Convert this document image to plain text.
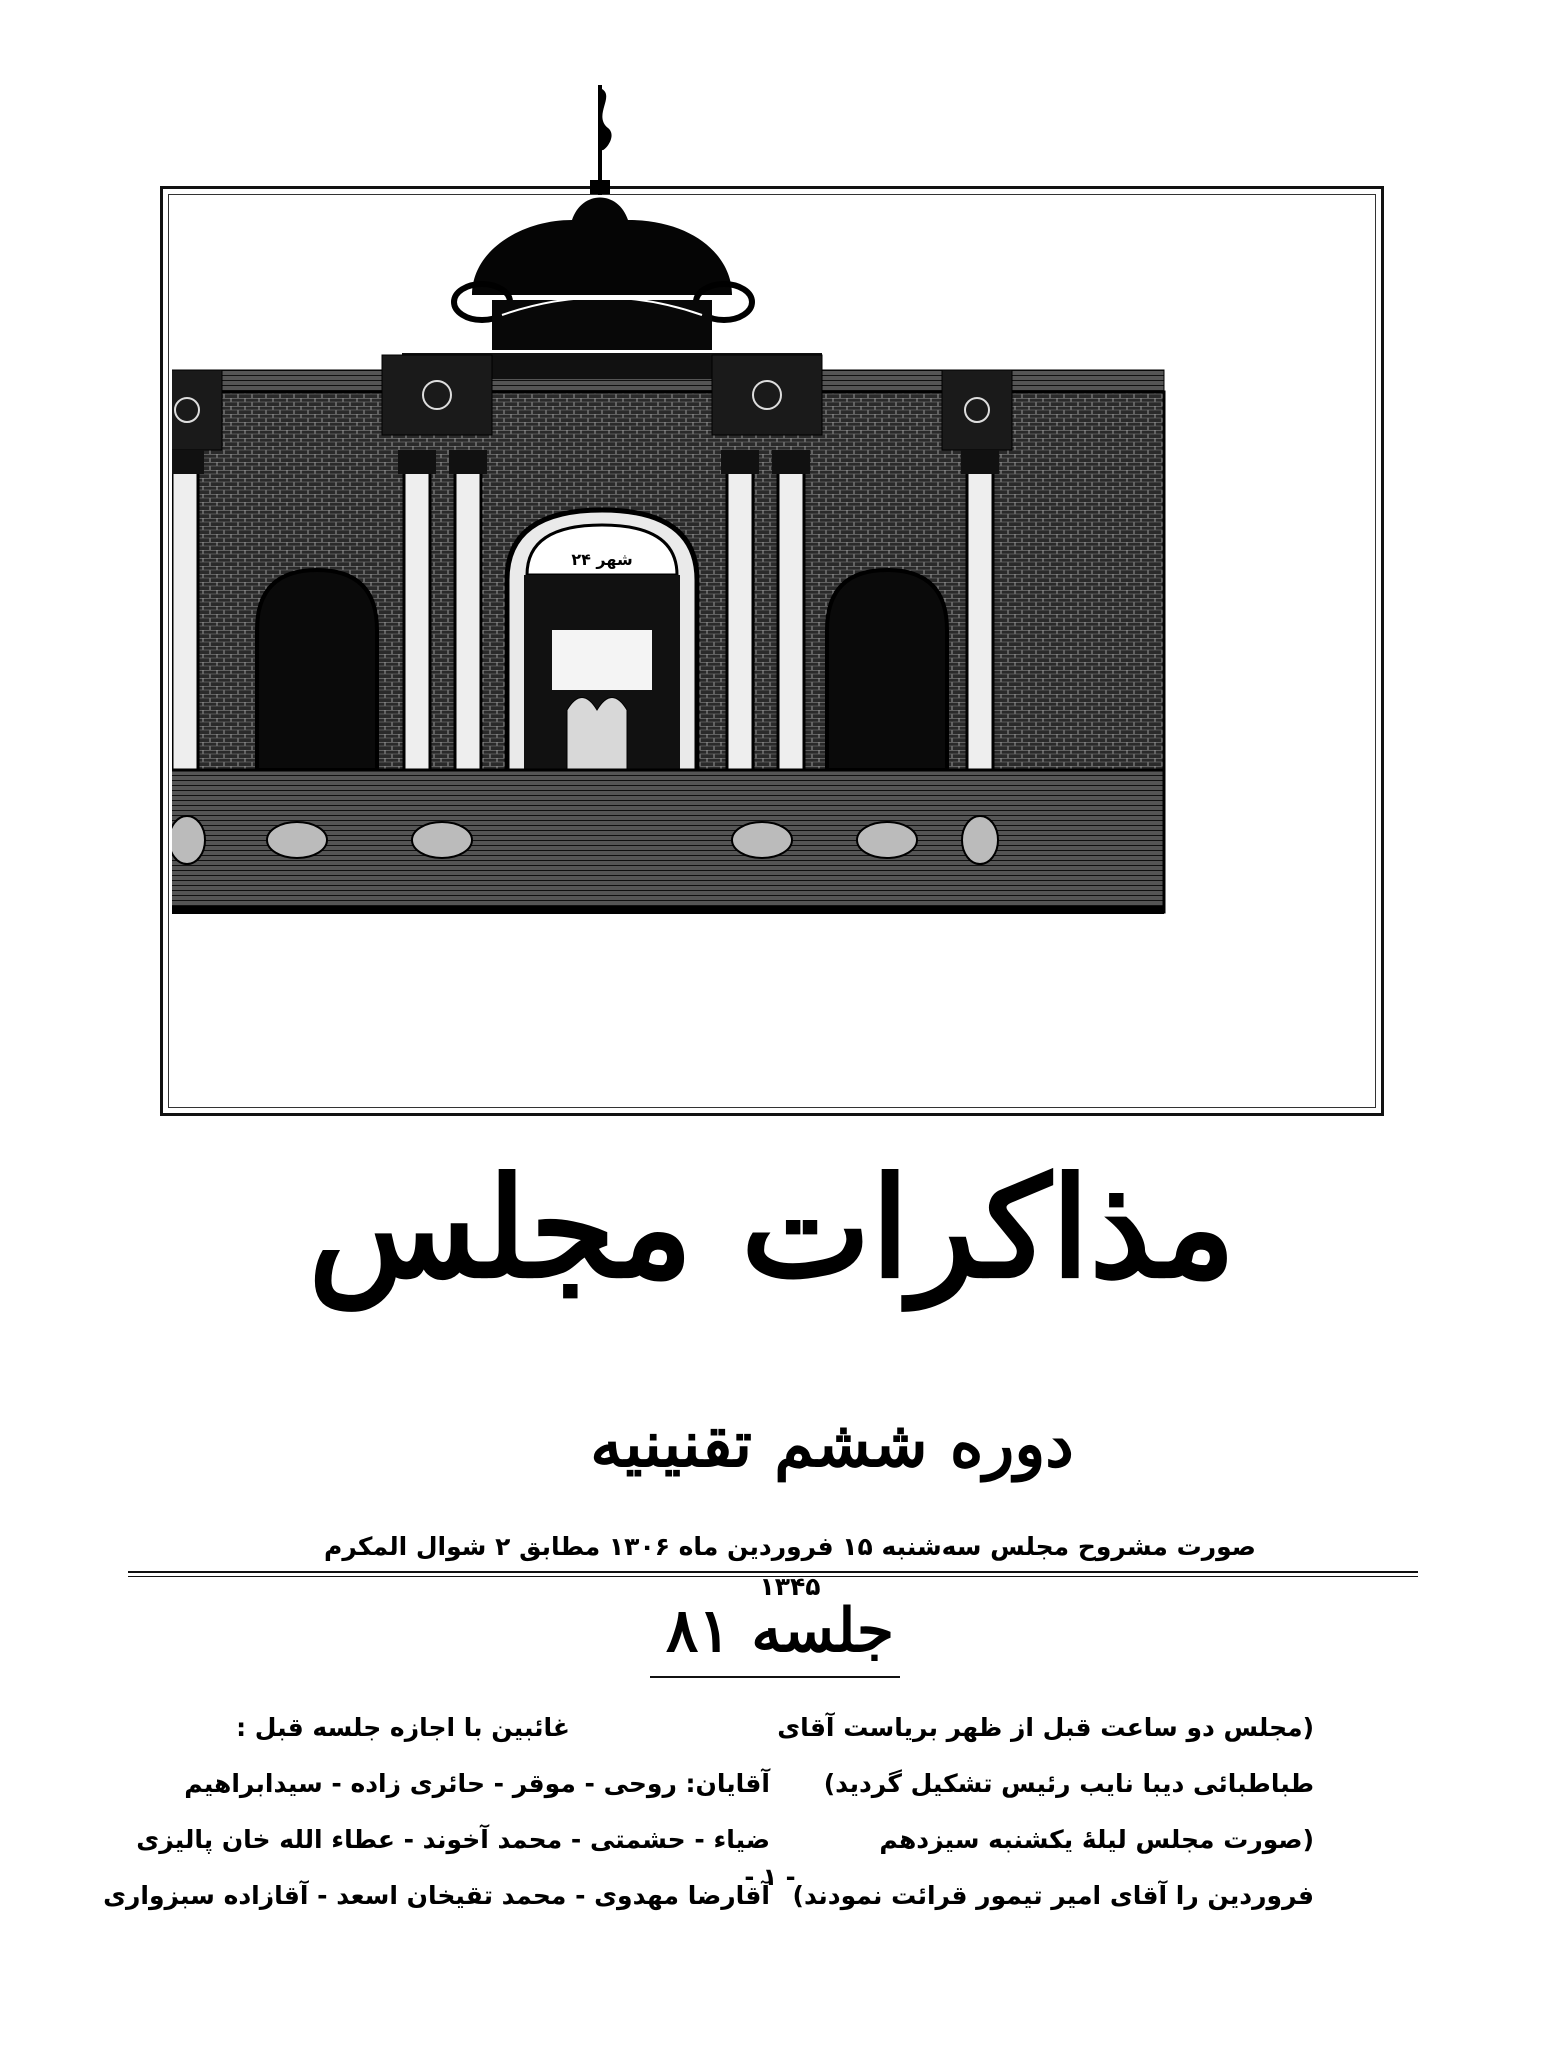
۲۴ شهر
مذاکرات مجلس
دوره ششم تقنینیه
صورت مشروح مجلس سه‌شنبه ۱۵ فروردین ماه ۱۳۰۶ مطابق ۲ شوال المکرم ۱۳۴۵
جلسه ۸۱
(مجلس دو ساعت قبل از ظهر بریاست آقای
طباطبائی دیبا نایب رئیس تشکیل گردید)
(صورت مجلس لیلهٔ یکشنبه سیزدهم
فروردین را آقای امیر تیمور قرائت نمودند)
غائبین با اجازه جلسه قبل :
آقایان: روحی - موقر - حائری زاده - سیدابراهیم
ضیاء - حشمتی - محمد آخوند - عطاء الله خان پالیزی
آقارضا مهدوی - محمد تقیخان اسعد - آقازاده سبزواری
- ۱ -
